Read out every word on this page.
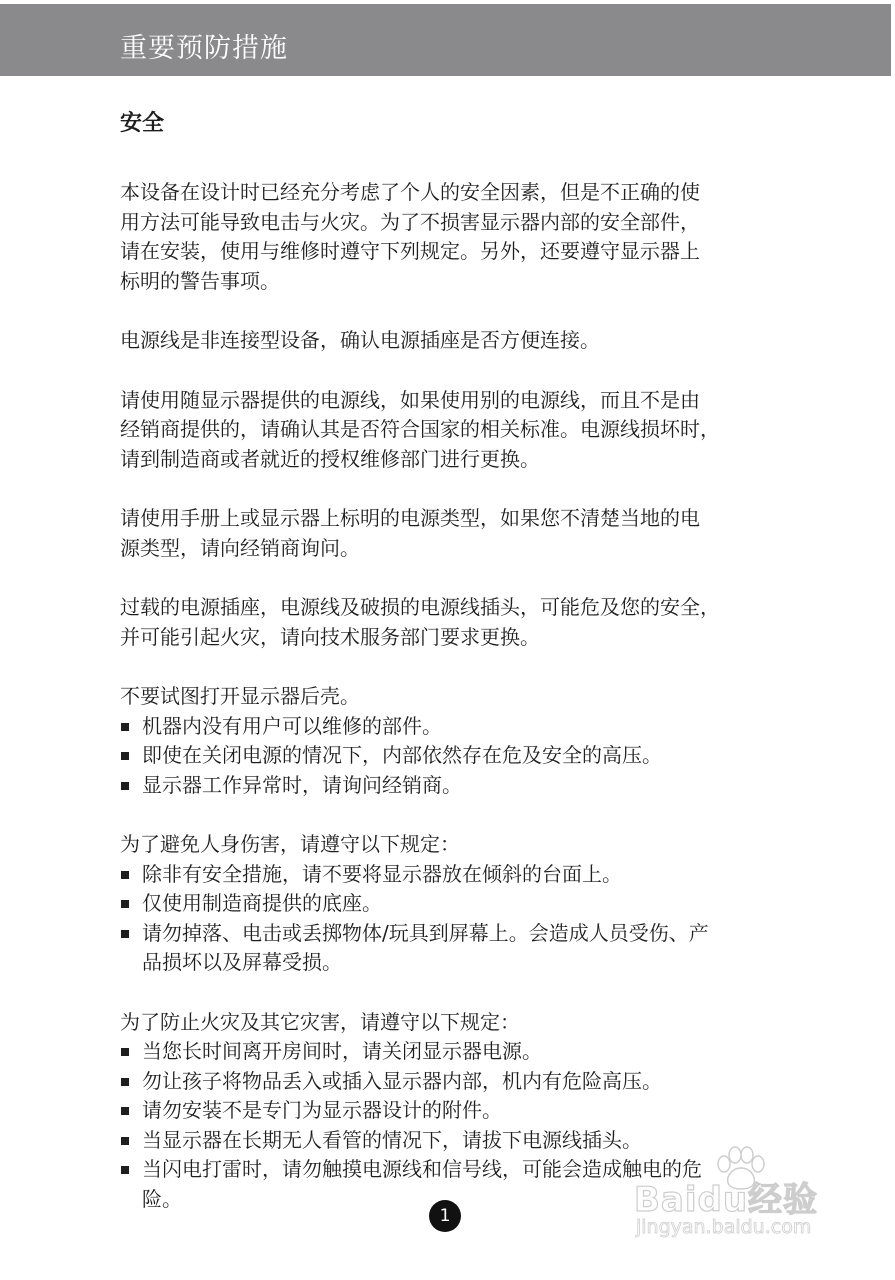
重要预防措施
安全

本设备在设计时已经充分考虑了个人的安全因素，但是不正确的使
用方法可能导致电击与火灾。为了不损害显示器内部的安全部件，
请在安装，使用与维修时遵守下列规定。另外，还要遵守显示器上
标明的警告事项。

电源线是非连接型设备，确认电源插座是否方便连接。

请使用随显示器提供的电源线，如果使用别的电源线，而且不是由
经销商提供的，请确认其是否符合国家的相关标准。电源线损坏时，
请到制造商或者就近的授权维修部门进行更换。

请使用手册上或显示器上标明的电源类型，如果您不清楚当地的电
源类型，请向经销商询问。

过载的电源插座，电源线及破损的电源线插头，可能危及您的安全，
并可能引起火灾，请向技术服务部门要求更换。

不要试图打开显示器后壳。

机器内没有用户可以维修的部件。
即使在关闭电源的情况下，内部依然存在危及安全的高压。
显示器工作异常时，请询问经销商。

为了避免人身伤害，请遵守以下规定：

除非有安全措施，请不要将显示器放在倾斜的台面上。
仅使用制造商提供的底座。
请勿掉落、电击或丢掷物体/玩具到屏幕上。会造成人员受伤、产
品损坏以及屏幕受损。

为了防止火灾及其它灾害，请遵守以下规定：

当您长时间离开房间时，请关闭显示器电源。
勿让孩子将物品丢入或插入显示器内部，机内有危险高压。
请勿安装不是专门为显示器设计的附件。
当显示器在长期无人看管的情况下，请拔下电源线插头。
当闪电打雷时，请勿触摸电源线和信号线，可能会造成触电的危
险。
1	Baidu经验
jingyan.baidu.com
